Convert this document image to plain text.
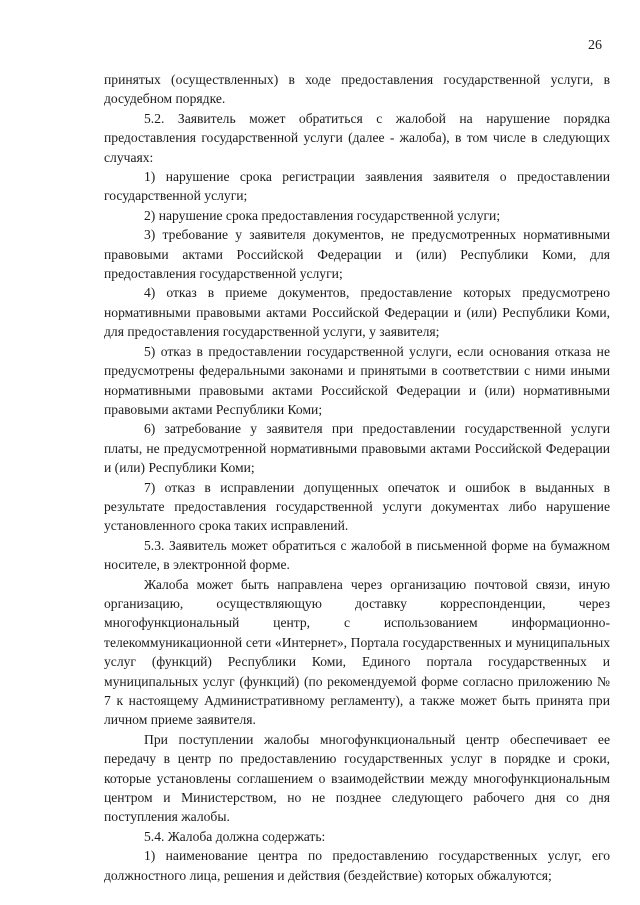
26

принятых (осуществленных) в ходе предоставления государственной услуги, в досудебном порядке.

5.2. Заявитель может обратиться с жалобой на нарушение порядка предоставления государственной услуги (далее - жалоба), в том числе в следующих случаях:

1) нарушение срока регистрации заявления заявителя о предоставлении государственной услуги;

2) нарушение срока предоставления государственной услуги;

3) требование у заявителя документов, не предусмотренных нормативными правовыми актами Российской Федерации и (или) Республики Коми, для предоставления государственной услуги;

4) отказ в приеме документов, предоставление которых предусмотрено нормативными правовыми актами Российской Федерации и (или) Республики Коми, для предоставления государственной услуги, у заявителя;

5) отказ в предоставлении государственной услуги, если основания отказа не предусмотрены федеральными законами и принятыми в соответствии с ними иными нормативными правовыми актами Российской Федерации и (или) нормативными правовыми актами Республики Коми;

6) затребование у заявителя при предоставлении государственной услуги платы, не предусмотренной нормативными правовыми актами Российской Федерации и (или) Республики Коми;

7) отказ в исправлении допущенных опечаток и ошибок в выданных в результате предоставления государственной услуги документах либо нарушение установленного срока таких исправлений.

5.3. Заявитель может обратиться с жалобой в письменной форме на бумажном носителе, в электронной форме.

Жалоба может быть направлена через организацию почтовой связи, иную организацию, осуществляющую доставку корреспонденции, через многофункциональный центр, с использованием информационно-телекоммуникационной сети «Интернет», Портала государственных и муниципальных услуг (функций) Республики Коми, Единого портала государственных и муниципальных услуг (функций) (по рекомендуемой форме согласно приложению № 7 к настоящему Административному регламенту), а также может быть принята при личном приеме заявителя.

При поступлении жалобы многофункциональный центр обеспечивает ее передачу в центр по предоставлению государственных услуг в порядке и сроки, которые установлены соглашением о взаимодействии между многофункциональным центром и Министерством, но не позднее следующего рабочего дня со дня поступления жалобы.

5.4. Жалоба должна содержать:

1) наименование центра по предоставлению государственных услуг, его должностного лица, решения и действия (бездействие) которых обжалуются;
